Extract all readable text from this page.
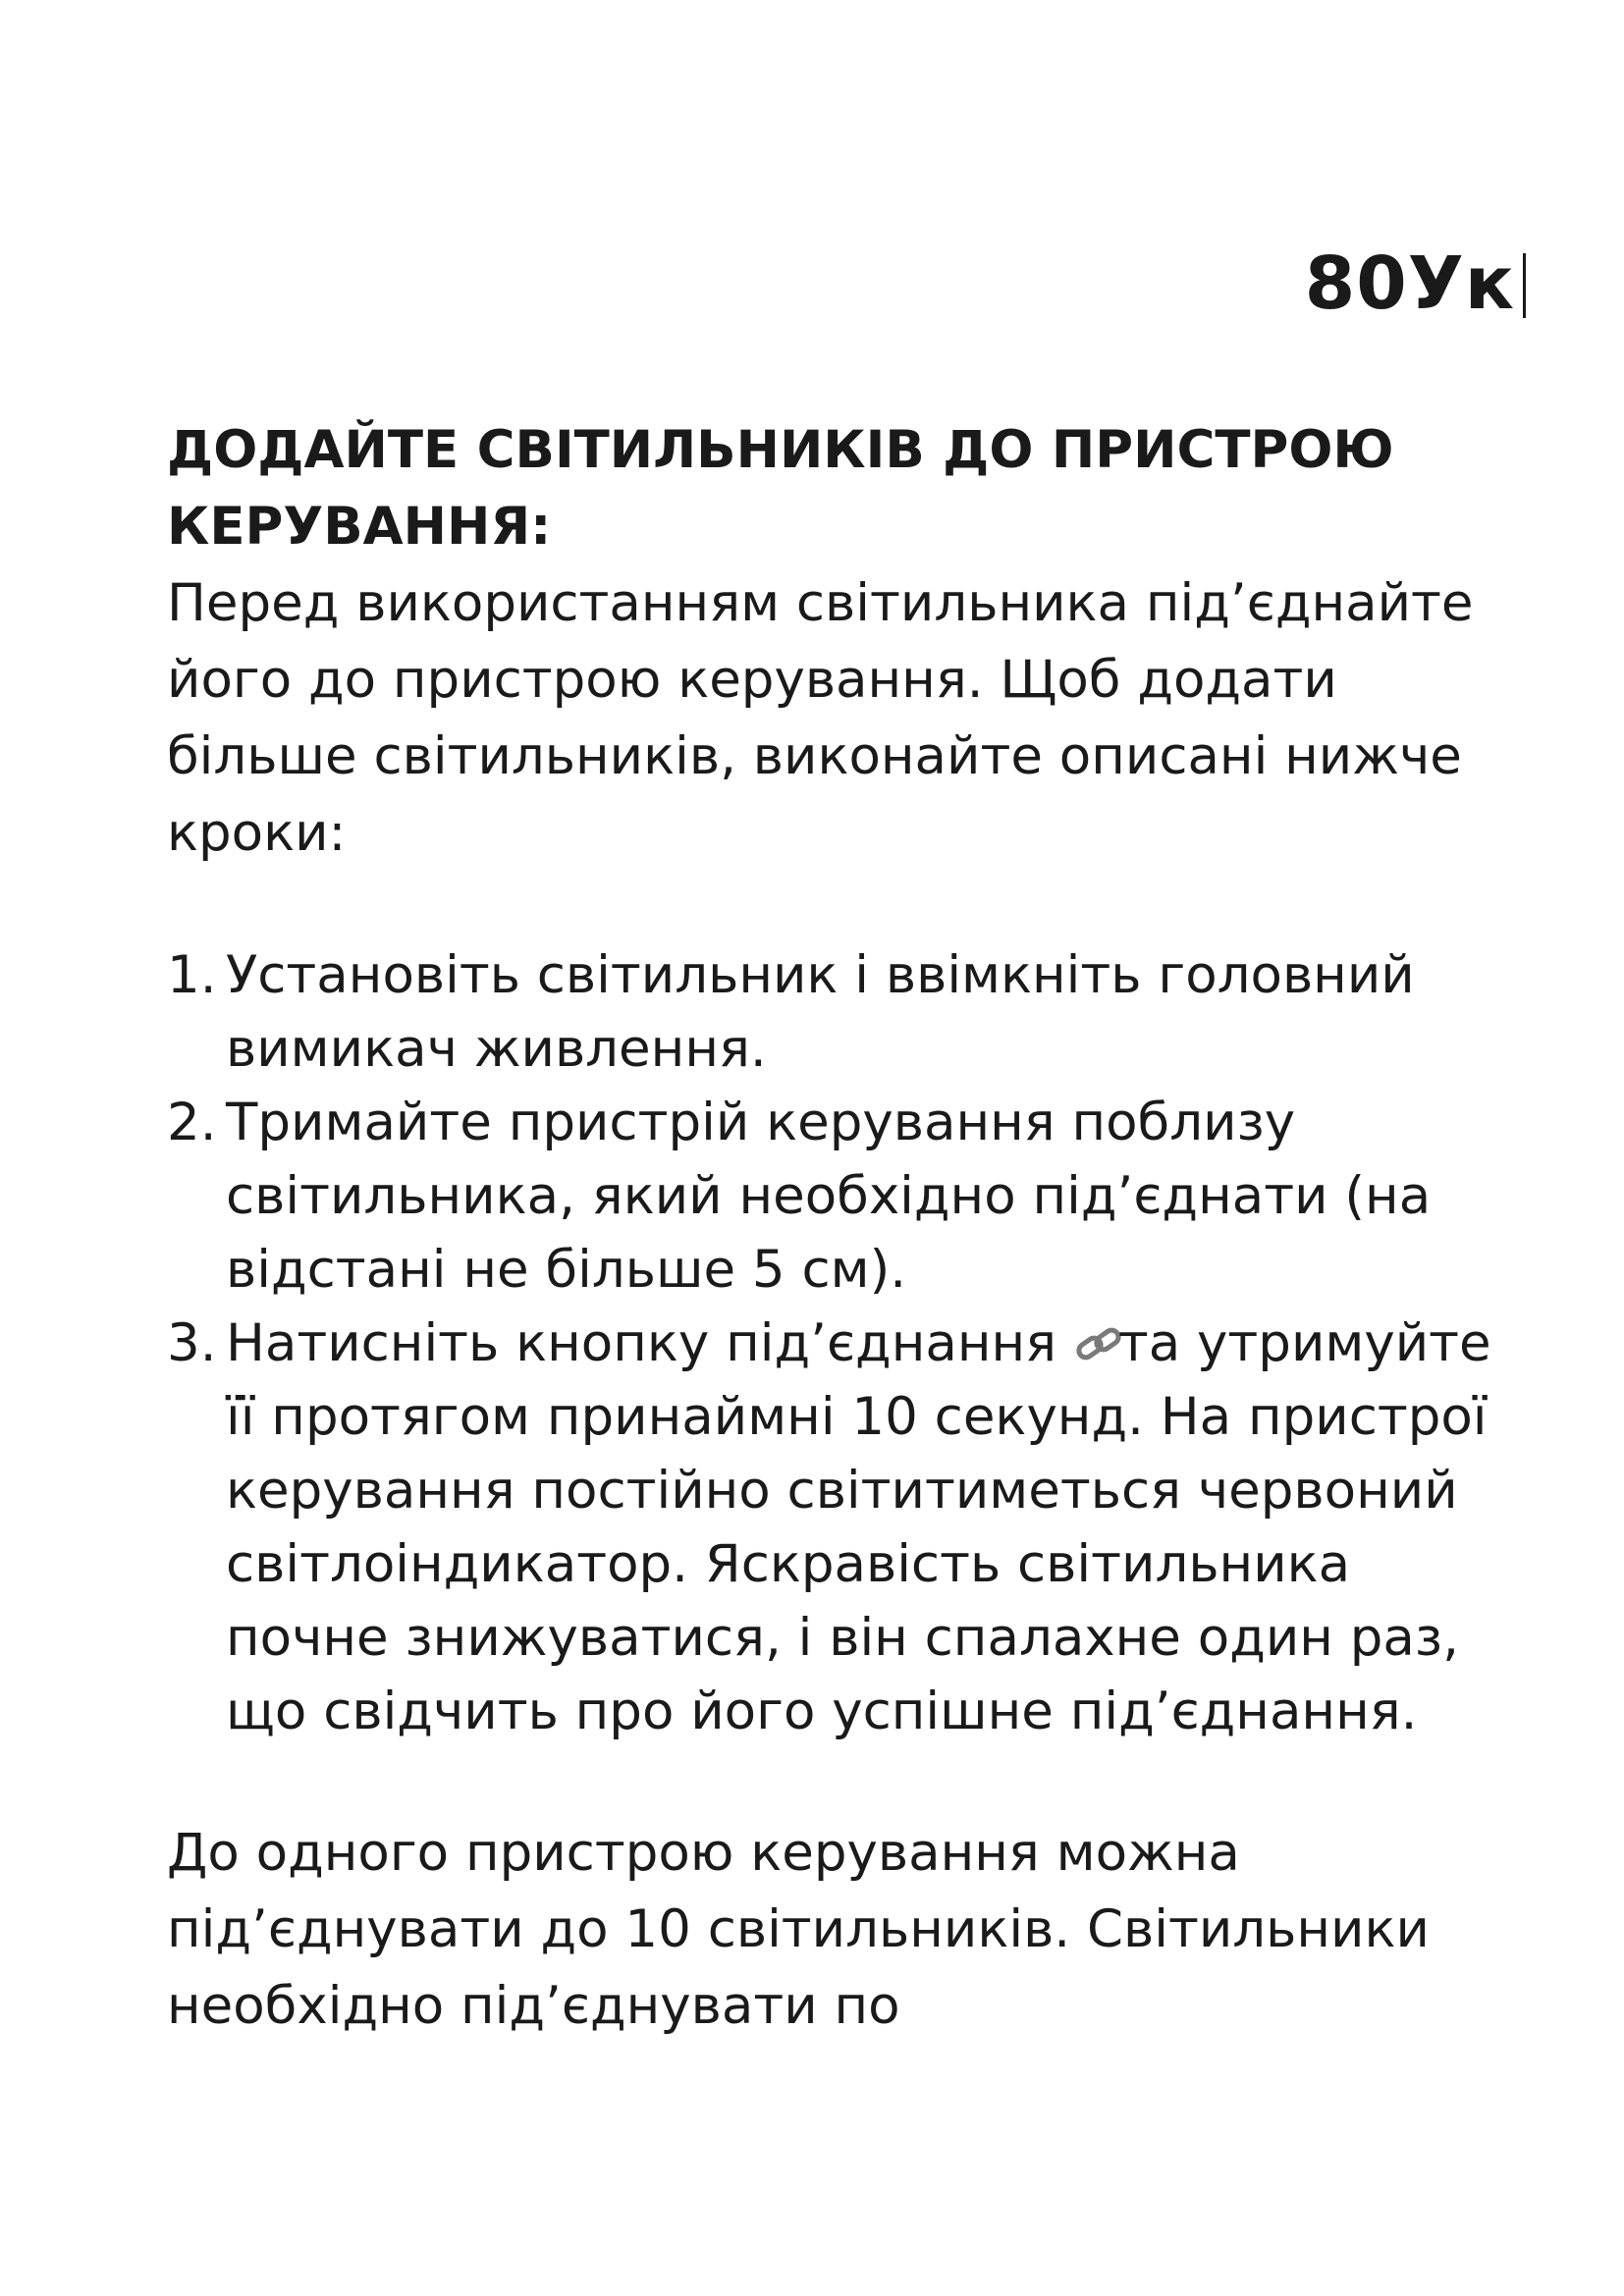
80Ук
ДОДАЙТЕ СВІТИЛЬНИКІВ ДО ПРИСТРОЮ КЕРУВАННЯ:

Перед використанням світильника під’єднайте його до пристрою керування. Щоб додати більше світильників, виконайте описані нижче кроки:

1. Установіть світильник і ввімкніть головний вимикач живлення.
2. Тримайте пристрій керування поблизу світильника, який необхідно під’єднати (на відстані не більше 5 см).
3. Натисніть кнопку під’єднання та утримуйте її протягом принаймні 10 секунд. На пристрої керування постійно світитиметься червоний світлоіндикатор. Яскравість світильника почне знижуватися, і він спалахне один раз, що свідчить про його успішне під’єднання.

До одного пристрою керування можна під’єднувати до 10 світильників. Світильники необхідно під’єднувати по
